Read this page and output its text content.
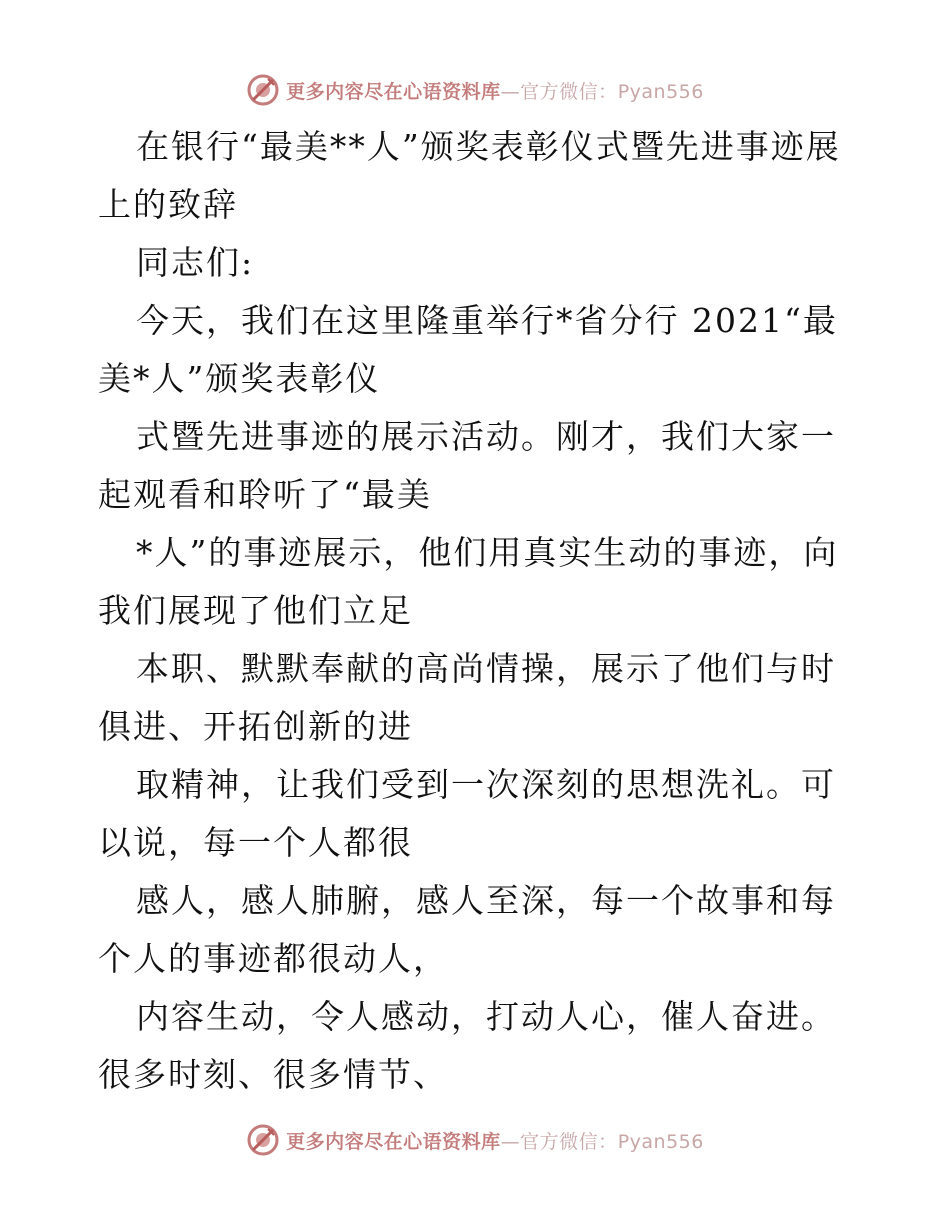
更多内容尽在心语资料库—官方微信：Pyan556

在银行“最美**人”颁奖表彰仪式暨先进事迹展上的致辞

同志们:

今天，我们在这里隆重举行*省分行 2021“最美*人”颁奖表彰仪

式暨先进事迹的展示活动。刚才，我们大家一起观看和聆听了“最美

*人”的事迹展示，他们用真实生动的事迹，向我们展现了他们立足

本职、默默奉献的高尚情操，展示了他们与时俱进、开拓创新的进

取精神，让我们受到一次深刻的思想洗礼。可以说，每一个人都很

感人，感人肺腑，感人至深，每一个故事和每个人的事迹都很动人，

内容生动，令人感动，打动人心，催人奋进。很多时刻、很多情节、

更多内容尽在心语资料库—官方微信：Pyan556
